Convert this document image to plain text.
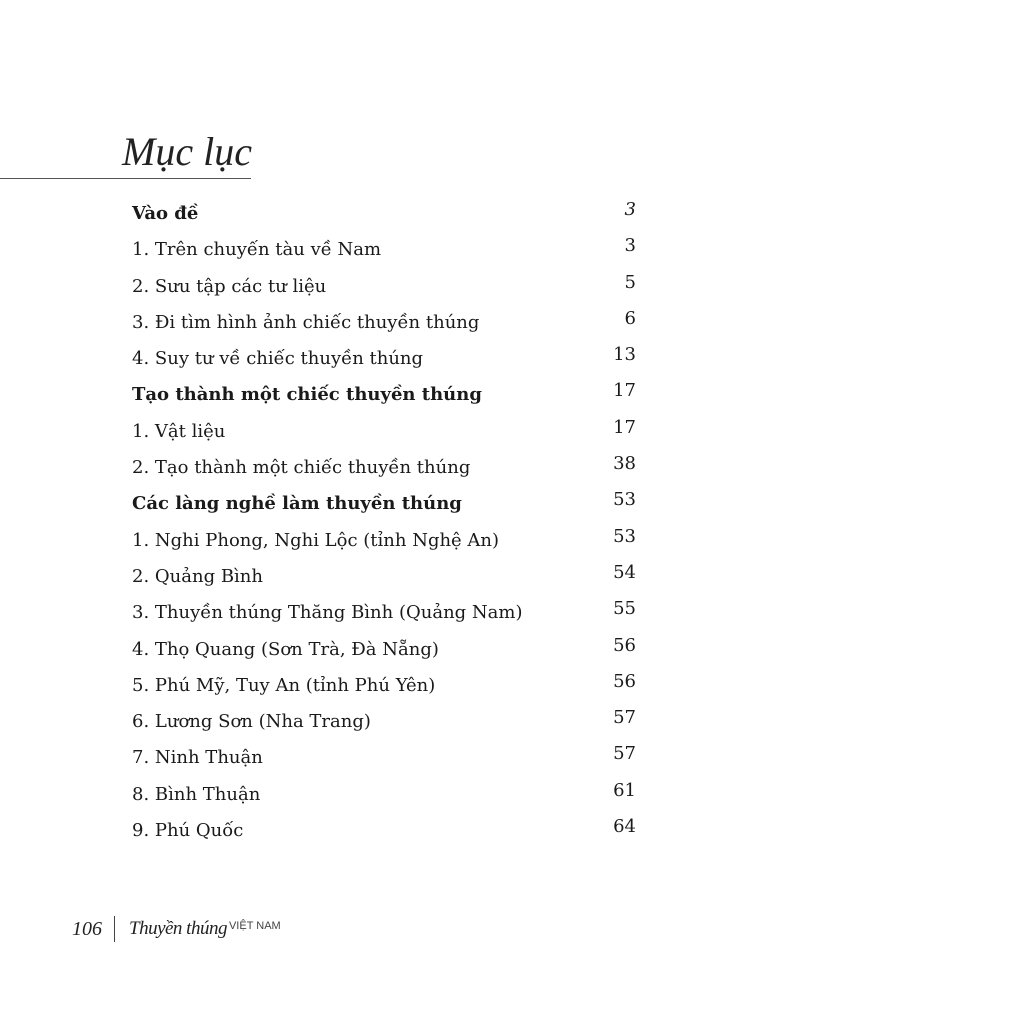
Mục lục
Vào đề	3
1. Trên chuyến tàu về Nam	3
2. Sưu tập các tư liệu	5
3. Đi tìm hình ảnh chiếc thuyền thúng	6
4. Suy tư về chiếc thuyền thúng	13
Tạo thành một chiếc thuyền thúng	17
1. Vật liệu	17
2. Tạo thành một chiếc thuyền thúng	38
Các làng nghề làm thuyền thúng	53
1. Nghi Phong, Nghi Lộc (tỉnh Nghệ An)	53
2. Quảng Bình	54
3. Thuyền thúng Thăng Bình (Quảng Nam)	55
4. Thọ Quang (Sơn Trà, Đà Nẵng)	56
5. Phú Mỹ, Tuy An (tỉnh Phú Yên)	56
6. Lương Sơn (Nha Trang)	57
7. Ninh Thuận	57
8. Bình Thuận	61
9. Phú Quốc	64
106 Thuyền thúng VIỆT NAM
